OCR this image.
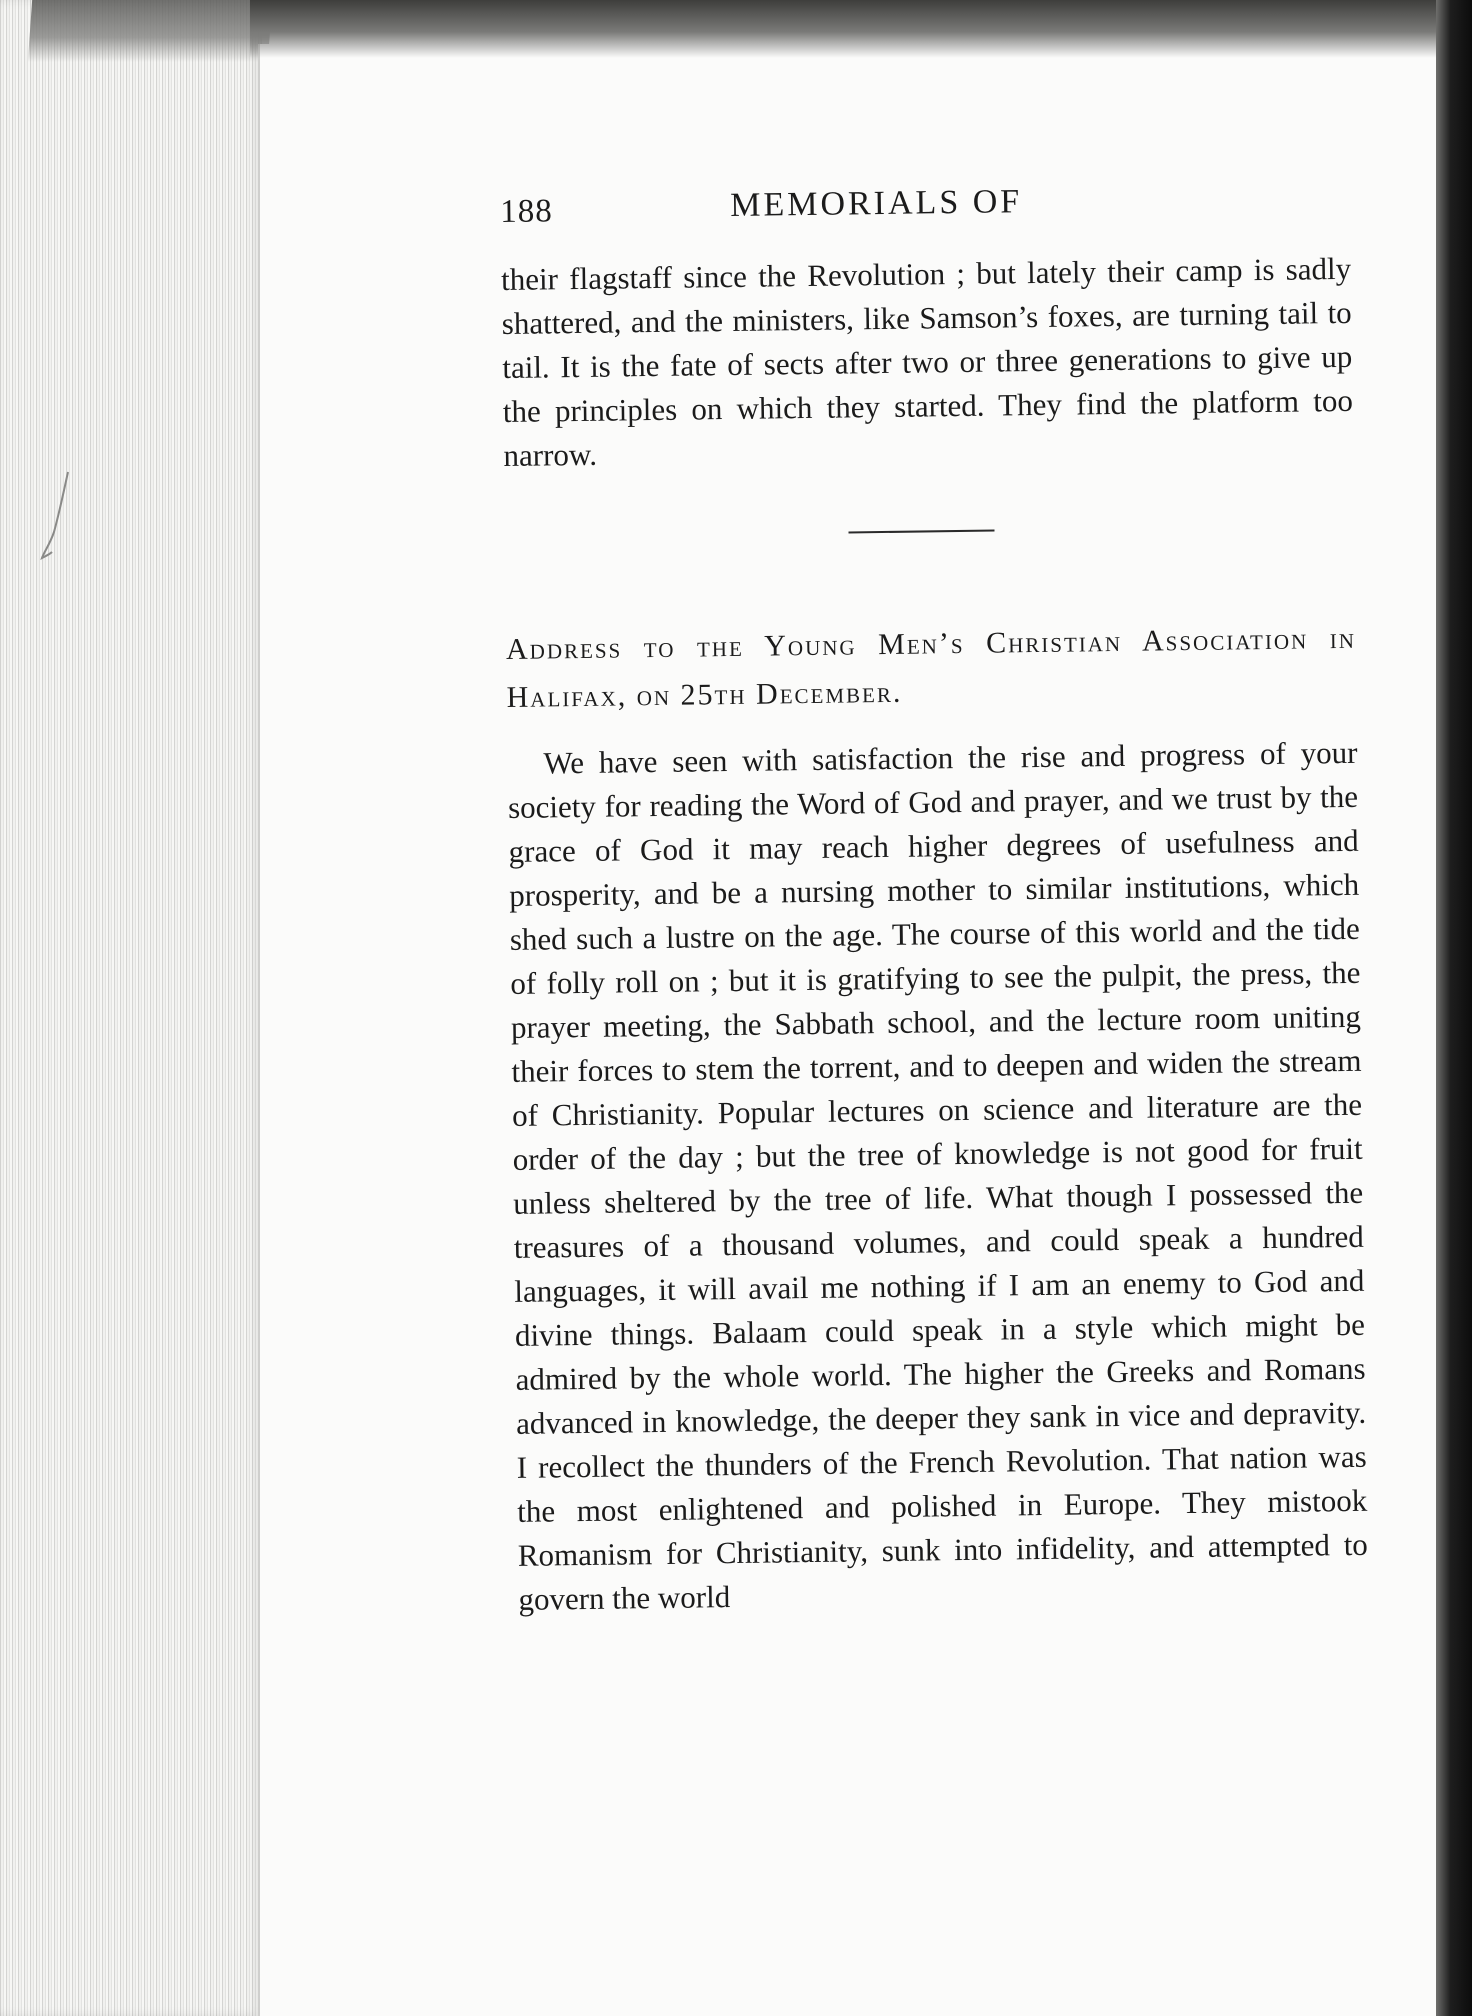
188	MEMORIALS OF

their flagstaff since the Revolution ; but lately their camp is sadly shattered, and the ministers, like Samson’s foxes, are turning tail to tail. It is the fate of sects after two or three generations to give up the principles on which they started. They find the platform too narrow.

Address to the Young Men’s Christian Association in Halifax, on 25th December.

We have seen with satisfaction the rise and progress of your society for reading the Word of God and prayer, and we trust by the grace of God it may reach higher degrees of usefulness and prosperity, and be a nursing mother to similar institutions, which shed such a lustre on the age. The course of this world and the tide of folly roll on ; but it is gratifying to see the pulpit, the press, the prayer meeting, the Sabbath school, and the lecture room uniting their forces to stem the torrent, and to deepen and widen the stream of Christianity. Popular lectures on science and literature are the order of the day ; but the tree of knowledge is not good for fruit unless sheltered by the tree of life. What though I possessed the treasures of a thousand volumes, and could speak a hundred languages, it will avail me nothing if I am an enemy to God and divine things. Balaam could speak in a style which might be admired by the whole world. The higher the Greeks and Romans advanced in knowledge, the deeper they sank in vice and depravity. I recollect the thunders of the French Revolution. That nation was the most enlightened and polished in Europe. They mistook Romanism for Christianity, sunk into infidelity, and attempted to govern the world
